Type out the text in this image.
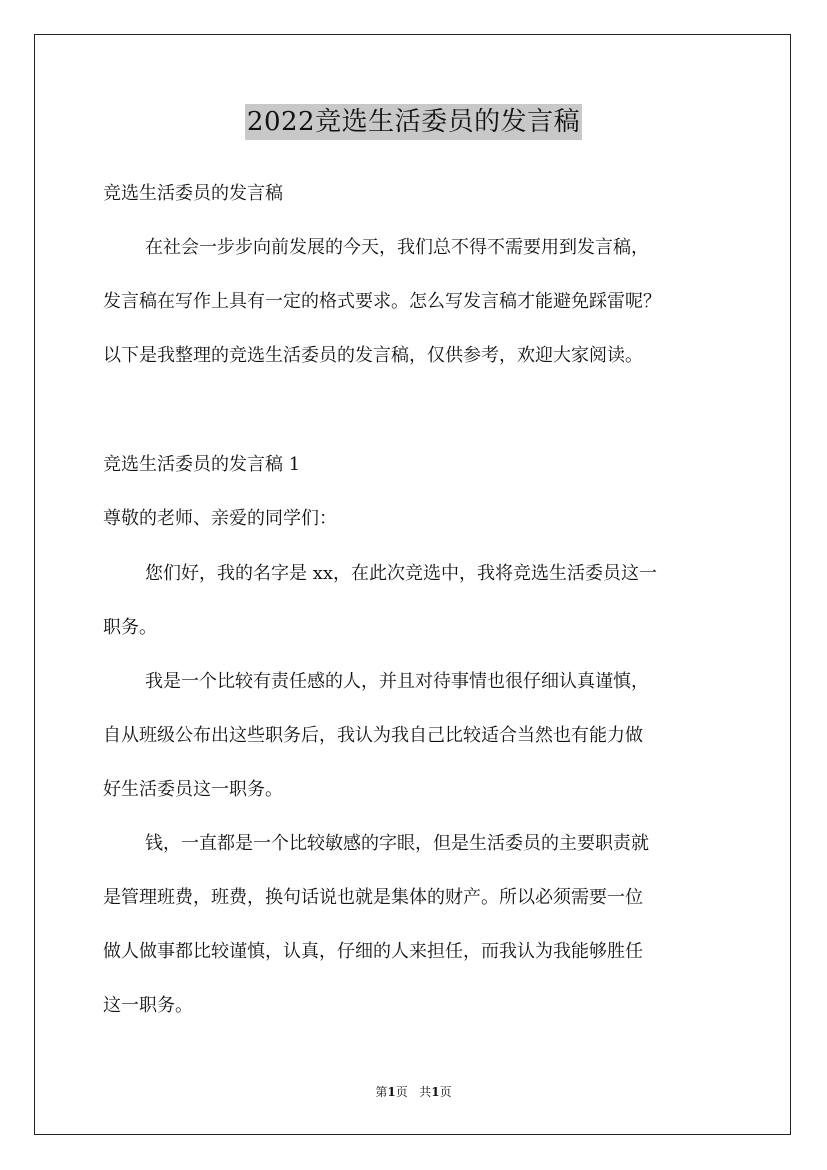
2022竞选生活委员的发言稿
竞选生活委员的发言稿
在社会一步步向前发展的今天，我们总不得不需要用到发言稿，
发言稿在写作上具有一定的格式要求。怎么写发言稿才能避免踩雷呢？
以下是我整理的竞选生活委员的发言稿，仅供参考，欢迎大家阅读。
竞选生活委员的发言稿 1
尊敬的老师、亲爱的同学们：
您们好，我的名字是 xx，在此次竞选中，我将竞选生活委员这一
职务。
我是一个比较有责任感的人，并且对待事情也很仔细认真谨慎，
自从班级公布出这些职务后，我认为我自己比较适合当然也有能力做
好生活委员这一职务。
钱，一直都是一个比较敏感的字眼，但是生活委员的主要职责就
是管理班费，班费，换句话说也就是集体的财产。所以必须需要一位
做人做事都比较谨慎，认真，仔细的人来担任，而我认为我能够胜任
这一职务。
第1页 共1页
